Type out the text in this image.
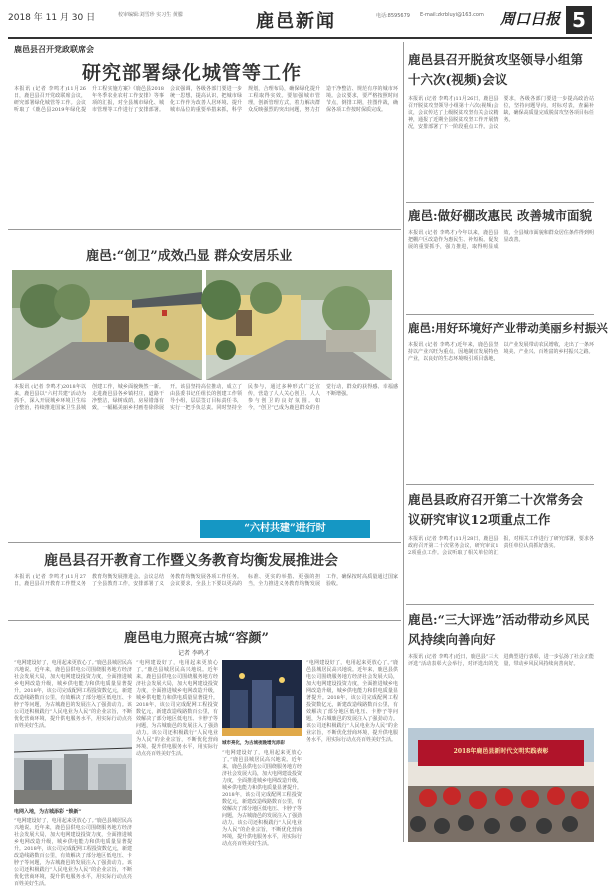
2018 年 11 月 30 日	校审编辑:刘雪珍 实习生 黄朦	鹿邑新闻	电话:8595679 E-mail:zkrbluyi@163.com 周口日报 5
鹿邑县召开党政联席会
研究部署绿化城管等工作
本报讯 (记者 李鸣才)11月26日，鹿邑县召开党政联席会议，研究部署绿化城管等工作。会议听取了《鹿邑县2019年绿化提升工程实施方案》《鹿邑县2018年冬季农业农村工作安排》等事项的汇报，对全县城市绿化、城市管理等工作进行了安排部署。会议强调，各级各部门要进一步统一思想，提高认识，把城市绿化工作作为改善人居环境、提升城市品位的重要举措来抓，科学规划，合理布局，确保绿化提升工程取得实效。要加强城市管理，创新管理方式，着力解决群众反映强烈的突出问题，努力打造干净整洁、规范有序的城市环境。会议要求，要严格按照时间节点，倒排工期，挂图作战，确保各项工作按时保质完成。
鹿邑:“创卫”成效凸显 群众安居乐业
本报讯 (记者 李鸣才)2018年以来，鹿邑县以“六村共建”活动为抓手，深入开展城乡环境卫生综合整治，持续推进国家卫生县城创建工作，城乡面貌焕然一新。走进鹿邑县各乡镇村庄，道路干净整洁，绿树成荫，房屋错落有致，一幅幅美丽乡村画卷徐徐展开。该县坚持高位推动，成立了由县委书记任组长的创建工作领导小组，层层签订目标责任书，实行一把手负总责。同时坚持全民参与，通过多种形式广泛宣传，营造了人人关心创卫、人人参与创卫的良好氛围。如今，“创卫”已成为鹿邑群众的自觉行动，群众的获得感、幸福感不断增强。
“六村共建”进行时
鹿邑县召开教育工作暨义务教育均衡发展推进会
本报讯 (记者 李鸣才)11月27日，鹿邑县召开教育工作暨义务教育均衡发展推进会。会议总结了全县教育工作，安排部署了义务教育均衡发展各项工作任务。会议要求，全县上下要以更高的标准、更实的举措、更强的担当，全力推进义务教育均衡发展工作，确保按时高质量通过国家验收。
鹿邑电力照亮古城“容颜”
记者 李鸣才
“电网建设好了，电用起来更放心了。”鹿邑县城居民高兴地说。近年来，鹿邑县供电公司围绕服务地方经济社会发展大局，加大电网建设投资力度，全面推进城乡电网改造升级，城乡供电能力和供电质量显著提升。2018年，该公司完成配网工程投资数亿元，新建改造线路数百公里，有效解决了部分地区低电压、卡脖子等问题，为古城鹿邑的发展注入了强劲动力。该公司还积极践行“人民电业为人民”的企业宗旨，不断优化营商环境，提升供电服务水平，用实际行动点亮百姓美好生活。
电网入地，为古城添彩 “焕新”
“电网建设好了，电用起来更放心了。”鹿邑县城居民高兴地说。近年来，鹿邑县供电公司围绕服务地方经济社会发展大局，加大电网建设投资力度，全面推进城乡电网改造升级，城乡供电能力和供电质量显著提升。2018年，该公司完成配网工程投资数亿元，新建改造线路数百公里，有效解决了部分地区低电压、卡脖子等问题，为古城鹿邑的发展注入了强劲动力。该公司还积极践行“人民电业为人民”的企业宗旨，不断优化营商环境，提升供电服务水平，用实际行动点亮百姓美好生活。
“电网建设好了，电用起来更放心了。”鹿邑县城居民高兴地说。近年来，鹿邑县供电公司围绕服务地方经济社会发展大局，加大电网建设投资力度，全面推进城乡电网改造升级，城乡供电能力和供电质量显著提升。2018年，该公司完成配网工程投资数亿元，新建改造线路数百公里，有效解决了部分地区低电压、卡脖子等问题，为古城鹿邑的发展注入了强劲动力。该公司还积极践行“人民电业为人民”的企业宗旨，不断优化营商环境，提升供电服务水平，用实际行动点亮百姓美好生活。
城市亮化，为古城夜晚增光添彩
“电网建设好了，电用起来更放心了。”鹿邑县城居民高兴地说。近年来，鹿邑县供电公司围绕服务地方经济社会发展大局，加大电网建设投资力度，全面推进城乡电网改造升级，城乡供电能力和供电质量显著提升。2018年，该公司完成配网工程投资数亿元，新建改造线路数百公里，有效解决了部分地区低电压、卡脖子等问题，为古城鹿邑的发展注入了强劲动力。该公司还积极践行“人民电业为人民”的企业宗旨，不断优化营商环境，提升供电服务水平，用实际行动点亮百姓美好生活。
“电网建设好了，电用起来更放心了。”鹿邑县城居民高兴地说。近年来，鹿邑县供电公司围绕服务地方经济社会发展大局，加大电网建设投资力度，全面推进城乡电网改造升级，城乡供电能力和供电质量显著提升。2018年，该公司完成配网工程投资数亿元，新建改造线路数百公里，有效解决了部分地区低电压、卡脖子等问题，为古城鹿邑的发展注入了强劲动力。该公司还积极践行“人民电业为人民”的企业宗旨，不断优化营商环境，提升供电服务水平，用实际行动点亮百姓美好生活。
鹿邑县召开脱贫攻坚领导小组第十六次(视频)会议
本报讯 (记者 李鸣才)11月26日，鹿邑县召开脱贫攻坚领导小组第十六次(视频)会议，会议传达了上级脱贫攻坚有关会议精神，通报了近期全县脱贫攻坚工作开展情况，安排部署了下一阶段重点工作。会议要求，各级各部门要进一步提高政治站位，坚持问题导向，对标对表，查漏补缺，确保高质量完成脱贫攻坚各项目标任务。
鹿邑:做好棚改惠民 改善城市面貌
本报讯 (记者 李鸣才)今年以来，鹿邑县把棚户区改造作为惠民生、补短板、促发展的重要抓手，强力推进，取得明显成效，全县城市面貌和群众居住条件得到明显改善。
鹿邑:用好环境好产业带动美丽乡村振兴
本报讯 (记者 李鸣才)近年来，鹿邑县坚持以产业兴旺为重点，因地制宜发展特色产业，以良好的生态环境吸引项目落地，以产业发展带动农民增收，走出了一条环境美、产业兴、百姓富的乡村振兴之路。
鹿邑县政府召开第二十次常务会议研究审议12项重点工作
本报讯 (记者 李鸣才)11月28日，鹿邑县政府召开第二十次常务会议，研究审议12项重点工作。会议听取了相关单位的汇报，对相关工作进行了研究部署，要求各责任单位认真抓好落实。
鹿邑:“三大评选”活动带动乡风民风持续向善向好
本报讯 (记者 李鸣才)近日，鹿邑县“三大评选”活动表彰大会举行，对评选出的先进典型进行表彰，进一步弘扬了社会正能量，带动乡风民风持续向善向好。
2018年鹿邑县新时代文明实践表彰
